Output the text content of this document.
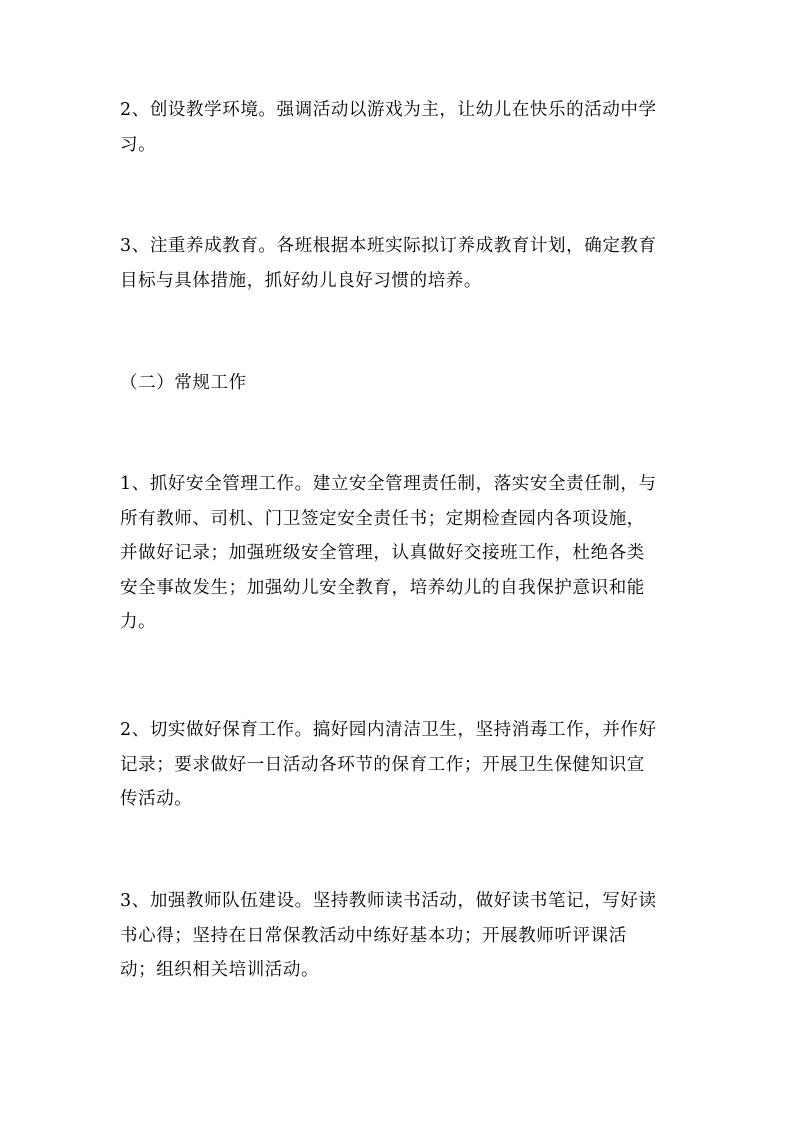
2、创设教学环境。强调活动以游戏为主，让幼儿在快乐的活动中学
习。

3、注重养成教育。各班根据本班实际拟订养成教育计划，确定教育
目标与具体措施，抓好幼儿良好习惯的培养。

（二）常规工作

1、抓好安全管理工作。建立安全管理责任制，落实安全责任制，与
所有教师、司机、门卫签定安全责任书；定期检查园内各项设施，
并做好记录；加强班级安全管理，认真做好交接班工作，杜绝各类
安全事故发生；加强幼儿安全教育，培养幼儿的自我保护意识和能
力。

2、切实做好保育工作。搞好园内清洁卫生，坚持消毒工作，并作好
记录；要求做好一日活动各环节的保育工作；开展卫生保健知识宣
传活动。

3、加强教师队伍建设。坚持教师读书活动，做好读书笔记，写好读
书心得；坚持在日常保教活动中练好基本功；开展教师听评课活
动；组织相关培训活动。
